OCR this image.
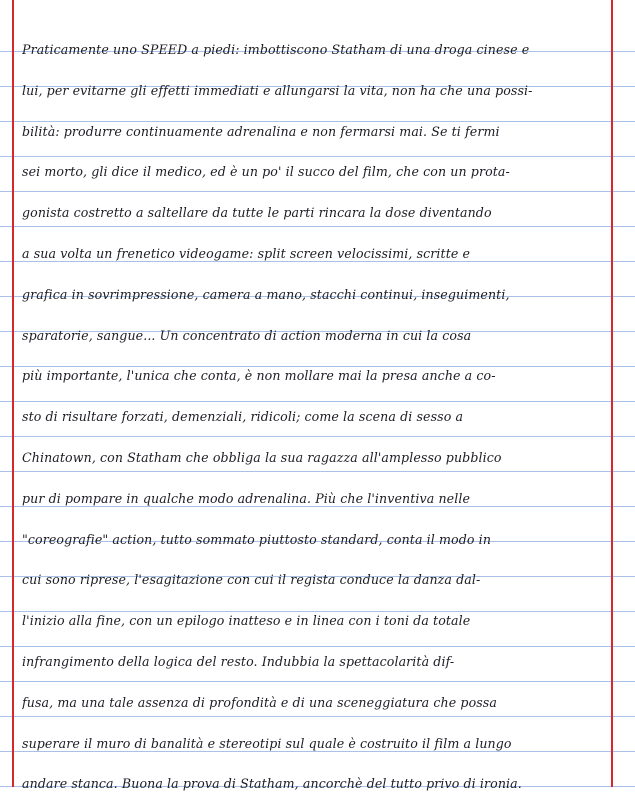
Praticamente uno SPEED a piedi: imbottiscono Statham di una droga cinese e
lui, per evitarne gli effetti immediati e allungarsi la vita, non ha che una possi-
bilità: produrre continuamente adrenalina e non fermarsi mai. Se ti fermi
sei morto, gli dice il medico, ed è un po' il succo del film, che con un prota-
gonista costretto a saltellare da tutte le parti rincara la dose diventando
a sua volta un frenetico videogame: split screen velocissimi, scritte e
grafica in sovrimpressione, camera a mano, stacchi continui, inseguimenti,
sparatorie, sangue... Un concentrato di action moderna in cui la cosa
più importante, l'unica che conta, è non mollare mai la presa anche a co-
sto di risultare forzati, demenziali, ridicoli; come la scena di sesso a
Chinatown, con Statham che obbliga la sua ragazza all'amplesso pubblico
pur di pompare in qualche modo adrenalina. Più che l'inventiva nelle
"coreografie" action, tutto sommato piuttosto standard, conta il modo in
cui sono riprese, l'esagitazione con cui il regista conduce la danza dal-
l'inizio alla fine, con un epilogo inatteso e in linea con i toni da totale
infrangimento della logica del resto. Indubbia la spettacolarità dif-
fusa, ma una tale assenza di profondità e di una sceneggiatura che possa
superare il muro di banalità e stereotipi sul quale è costruito il film a lungo
andare stanca. Buona la prova di Statham, ancorchè del tutto privo di ironia.
